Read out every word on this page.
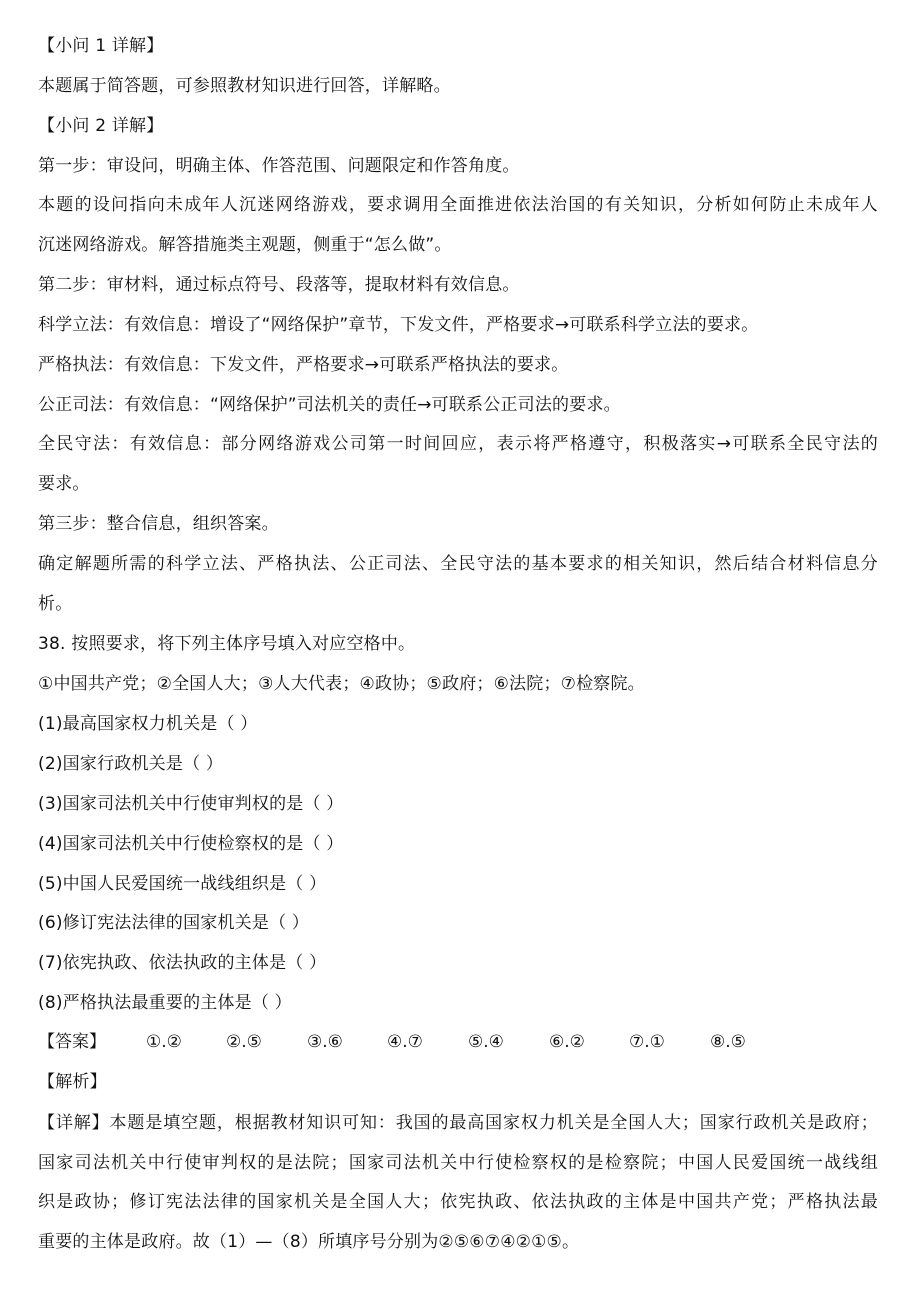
【小问 1 详解】
本题属于简答题，可参照教材知识进行回答，详解略。
【小问 2 详解】
第一步：审设问，明确主体、作答范围、问题限定和作答角度。
本题的设问指向未成年人沉迷网络游戏，要求调用全面推进依法治国的有关知识，分析如何防止未成年人
沉迷网络游戏。解答措施类主观题，侧重于“怎么做”。
第二步：审材料，通过标点符号、段落等，提取材料有效信息。
科学立法：有效信息：增设了“网络保护”章节，下发文件，严格要求→可联系科学立法的要求。
严格执法：有效信息：下发文件，严格要求→可联系严格执法的要求。
公正司法：有效信息：“网络保护”司法机关的责任→可联系公正司法的要求。
全民守法：有效信息：部分网络游戏公司第一时间回应，表示将严格遵守，积极落实→可联系全民守法的
要求。
第三步：整合信息，组织答案。
确定解题所需的科学立法、严格执法、公正司法、全民守法的基本要求的相关知识，然后结合材料信息分
析。
38. 按照要求，将下列主体序号填入对应空格中。
①中国共产党；②全国人大；③人大代表；④政协；⑤政府；⑥法院；⑦检察院。
(1)最高国家权力机关是（ ）
(2)国家行政机关是（ ）
(3)国家司法机关中行使审判权的是（ ）
(4)国家司法机关中行使检察权的是（ ）
(5)中国人民爱国统一战线组织是（ ）
(6)修订宪法法律的国家机关是（ ）
(7)依宪执政、依法执政的主体是（ ）
(8)严格执法最重要的主体是（ ）
【答案】 ①.②	②.⑤	③.⑥	④.⑦	⑤.④	⑥.②	⑦.①	⑧.⑤
【解析】
【详解】本题是填空题，根据教材知识可知：我国的最高国家权力机关是全国人大；国家行政机关是政府；
国家司法机关中行使审判权的是法院；国家司法机关中行使检察权的是检察院；中国人民爱国统一战线组
织是政协；修订宪法法律的国家机关是全国人大；依宪执政、依法执政的主体是中国共产党；严格执法最
重要的主体是政府。故（1）—（8）所填序号分别为②⑤⑥⑦④②①⑤。
